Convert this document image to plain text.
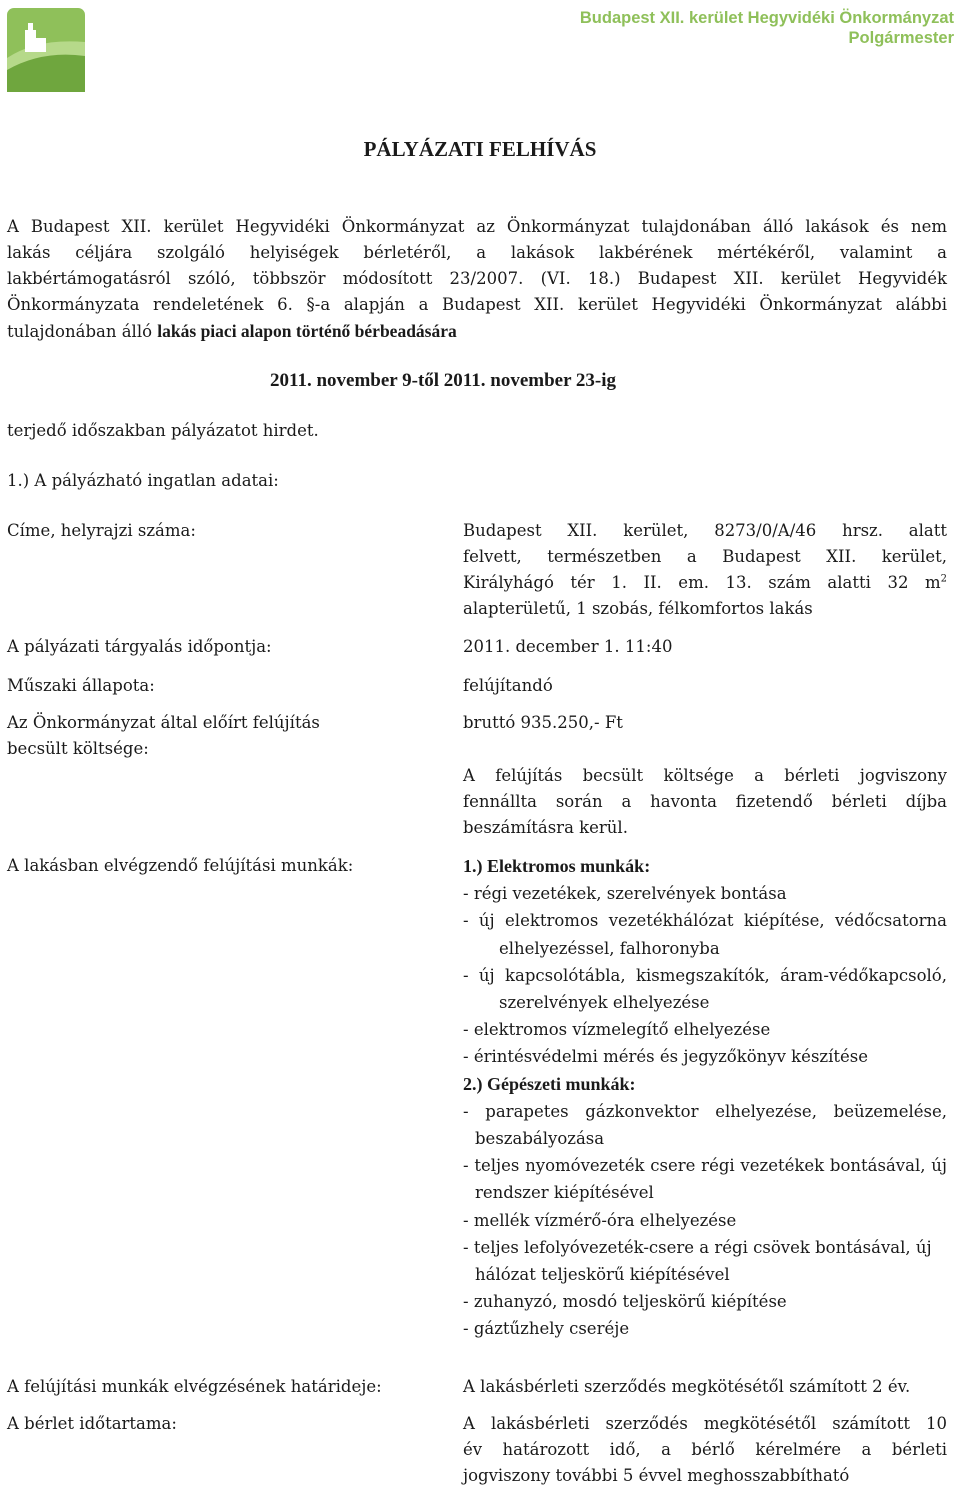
Budapest XII. kerület Hegyvidéki Önkormányzat
Polgármester
PÁLYÁZATI FELHÍVÁS
A Budapest XII. kerület Hegyvidéki Önkormányzat az Önkormányzat tulajdonában álló lakások és nem
lakás céljára szolgáló helyiségek bérletéről, a lakások lakbérének mértékéről, valamint a
lakbértámogatásról szóló, többször módosított 23/2007. (VI. 18.) Budapest XII. kerület Hegyvidék
Önkormányzata rendeletének 6. §-a alapján a Budapest XII. kerület Hegyvidéki Önkormányzat alábbi
tulajdonában álló lakás piaci alapon történő bérbeadására
2011. november 9-től 2011. november 23-ig
terjedő időszakban pályázatot hirdet.
1.) A pályázható ingatlan adatai:
Címe, helyrajzi száma:	Budapest XII. kerület, 8273/0/A/46 hrsz. alatt
felvett, természetben a Budapest XII. kerület,
Királyhágó tér 1. II. em. 13. szám alatti 32 $m^2$
alapterületű, 1 szobás, félkomfortos lakás
A pályázati tárgyalás időpontja:	2011. december 1. 11:40
Műszaki állapota:	felújítandó
Az Önkormányzat által előírt felújítás
becsült költsége:
bruttó 935.250,- Ft
A felújítás becsült költsége a bérleti jogviszony
fennállta során a havonta fizetendő bérleti díjba
beszámításra kerül.
A lakásban elvégzendő felújítási munkák:	1.) Elektromos munkák:
- régi vezetékek, szerelvények bontása
- új elektromos vezetékhálózat kiépítése, védőcsatorna elhelyezéssel, falhoronyba
- új kapcsolótábla, kismegszakítók, áram-védőkapcsoló, szerelvények elhelyezése
- elektromos vízmelegítő elhelyezése
- érintésvédelmi mérés és jegyzőkönyv készítése
2.) Gépészeti munkák:
- parapetes gázkonvektor elhelyezése, beüzemelése, beszabályozása
- teljes nyomóvezeték csere régi vezetékek bontásával, új rendszer kiépítésével
- mellék vízmérő-óra elhelyezése
- teljes lefolyóvezeték-csere a régi csövek bontásával, új hálózat teljeskörű kiépítésével
- zuhanyzó, mosdó teljeskörű kiépítése
- gáztűzhely cseréje
A felújítási munkák elvégzésének határideje:	A lakásbérleti szerződés megkötésétől számított 2 év.
A bérlet időtartama:	A lakásbérleti szerződés megkötésétől számított 10
év határozott idő, a bérlő kérelmére a bérleti
jogviszony további 5 évvel meghosszabbítható
